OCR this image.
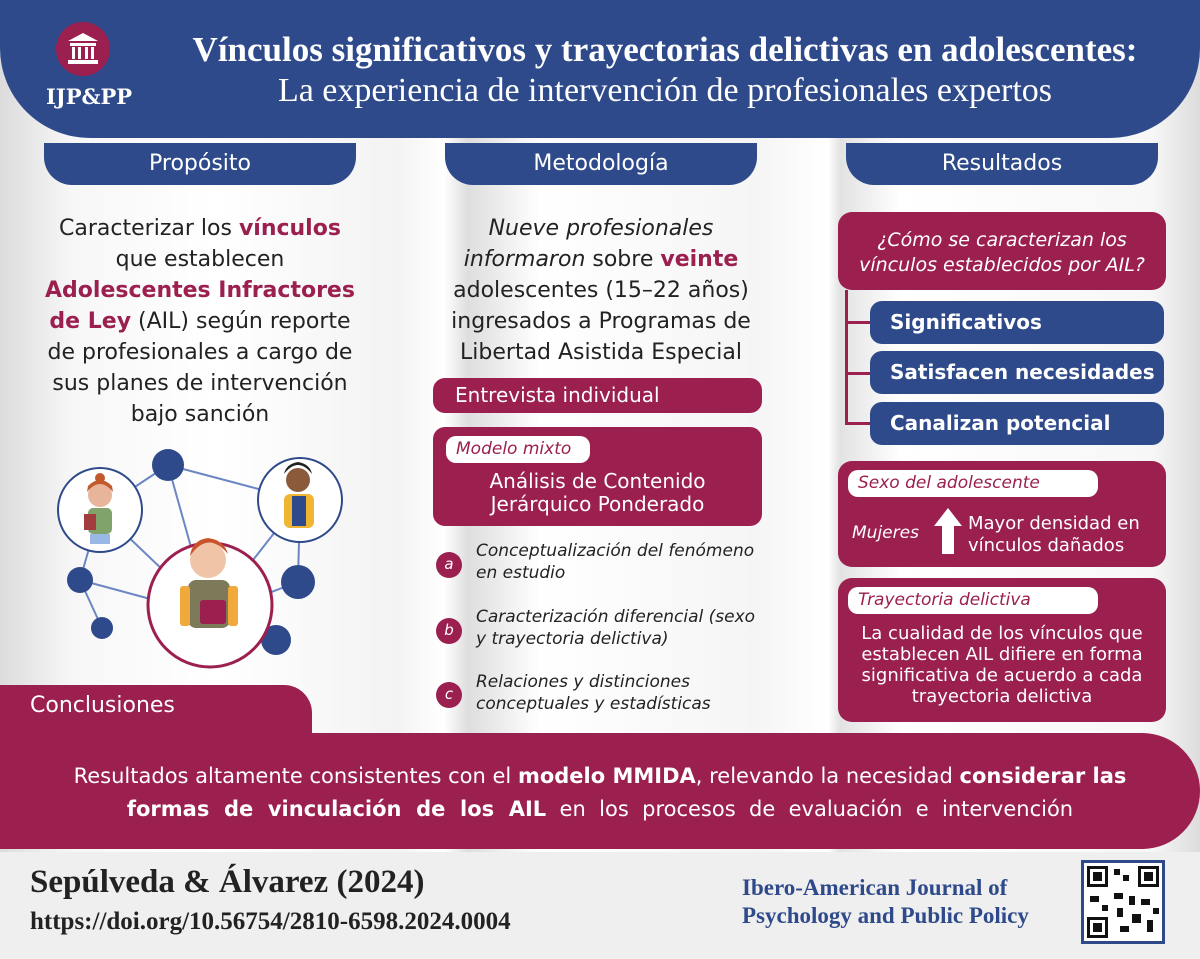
IJP&PP
Vínculos significativos y trayectorias delictivas en adolescentes:
La experiencia de intervención de profesionales expertos
Propósito	Metodología	Resultados
Caracterizar los vínculos
que establecen
Adolescentes Infractores
de Ley (AIL) según reporte
de profesionales a cargo de
sus planes de intervención
bajo sanción
Nueve profesionales
informaron sobre veinte
adolescentes (15–22 años)
ingresados a Programas de
Libertad Asistida Especial
Entrevista individual
Modelo mixto
Análisis de Contenido
Jerárquico Ponderado
a
Conceptualización del fenómeno
en estudio
b
Caracterización diferencial (sexo
y trayectoria delictiva)
c
Relaciones y distinciones
conceptuales y estadísticas
¿Cómo se caracterizan los
vínculos establecidos por AIL?
Significativos
Satisfacen necesidades
Canalizan potencial
Sexo del adolescente
Mujeres	Mayor densidad en
vínculos dañados
Trayectoria delictiva
La cualidad de los vínculos que
establecen AIL difiere en forma
significativa de acuerdo a cada
trayectoria delictiva
Conclusiones
Resultados altamente consistentes con el modelo MMIDA, relevando la necesidad considerar las
formas  de  vinculación  de  los  AIL  en  los  procesos  de  evaluación  e  intervención
Sepúlveda & Álvarez (2024)
https://doi.org/10.56754/2810-6598.2024.0004
Ibero-American Journal of
Psychology and Public Policy
